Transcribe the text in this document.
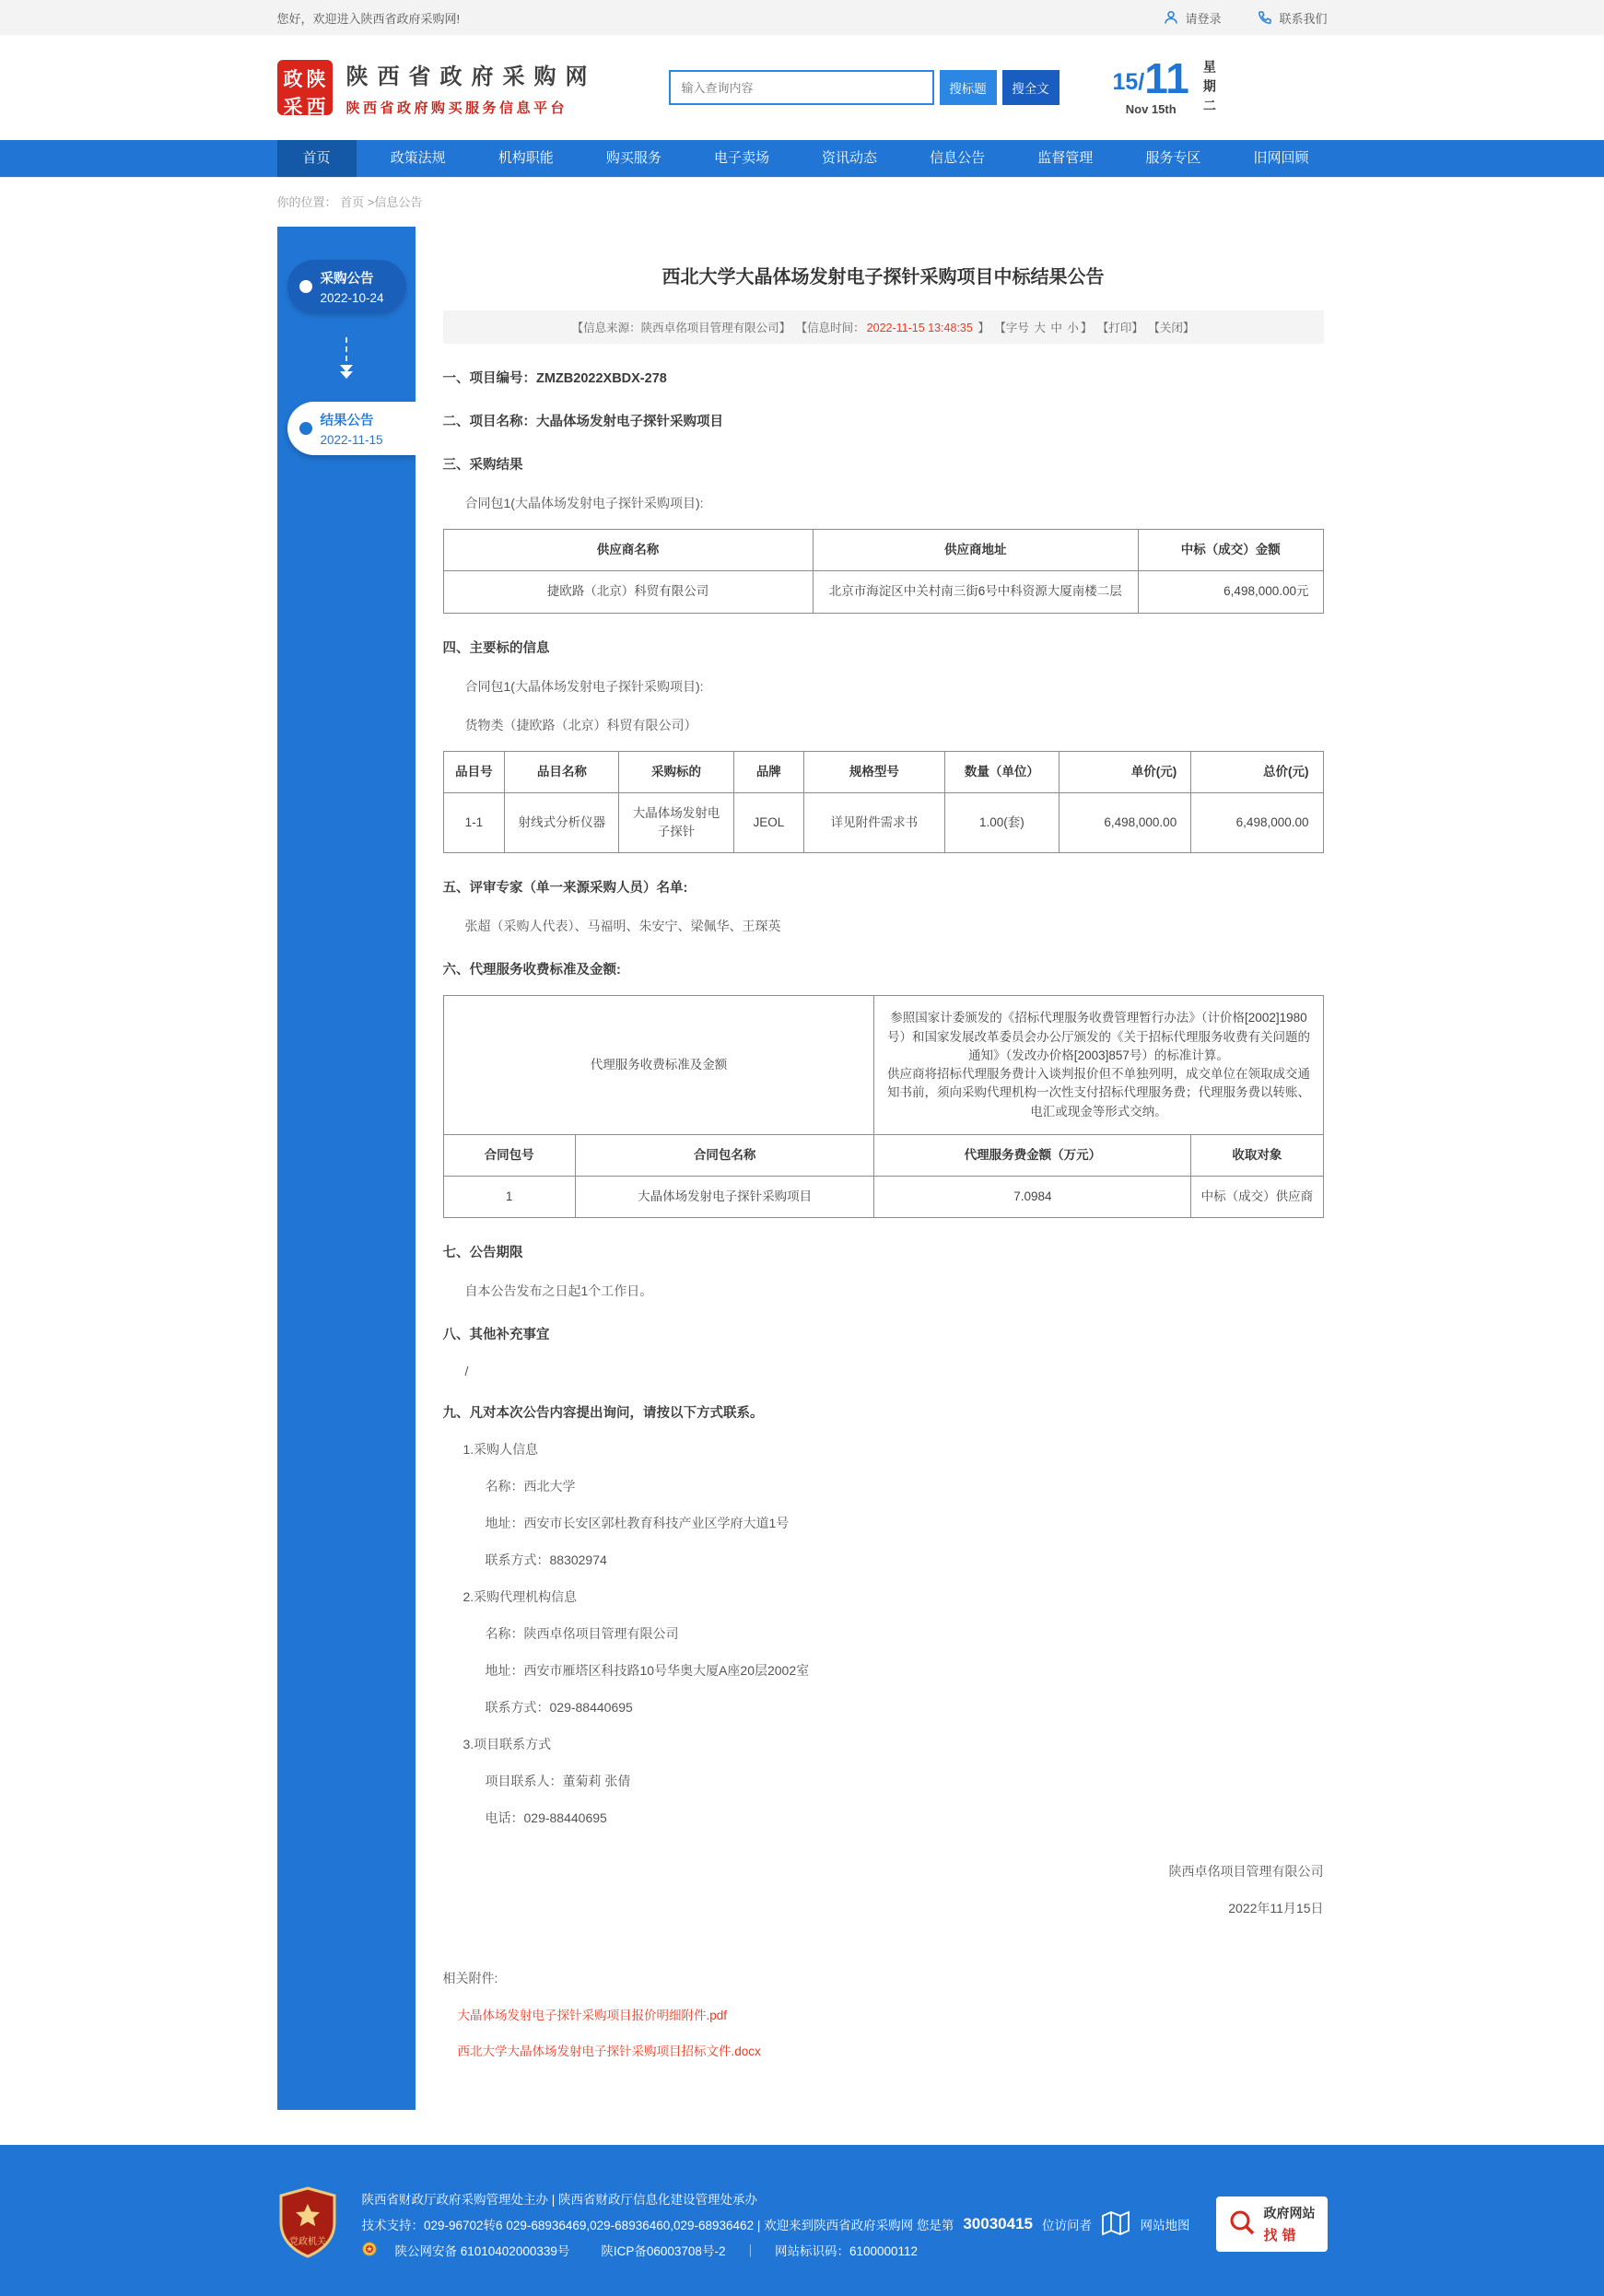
您好，欢迎进入陕西省政府采购网!	请登录	联系我们
政 陕
采 西
陕西省政府采购网
陕西省政府购买服务信息平台
输入查询内容
搜标题	搜全文	15/ 11
Nov 15th	星期二
首页	政策法规	机构职能	购买服务	电子卖场	资讯动态	信息公告	监督管理	服务专区	旧网回顾
你的位置： 首页 >信息公告
采购公告
2022-10-24
结果公告
2022-11-15
西北大学大晶体场发射电子探针采购项目中标结果公告
【信息来源：陕西卓佲项目管理有限公司】 【信息时间： 2022-11-15 13:48:35 】 【字号 大 中 小 】 【打印】 【关闭】
一、项目编号：ZMZB2022XBDX-278
二、项目名称：大晶体场发射电子探针采购项目
三、采购结果
合同包1(大晶体场发射电子探针采购项目):
供应商名称	供应商地址	中标（成交）金额
捷欧路（北京）科贸有限公司	北京市海淀区中关村南三街6号中科资源大厦南楼二层	6,498,000.00元
四、主要标的信息
合同包1(大晶体场发射电子探针采购项目):
货物类（捷欧路（北京）科贸有限公司）
品目号	品目名称	采购标的	品牌	规格型号	数量（单位）	单价(元)	总价(元)
1-1	射线式分析仪器	大晶体场发射电子探针	JEOL	详见附件需求书	1.00(套)	6,498,000.00	6,498,000.00
五、评审专家（单一来源采购人员）名单:
张超（采购人代表）、马福明、朱安宁、梁佩华、王琛英
六、代理服务收费标准及金额:
代理服务收费标准及金额		参照国家计委颁发的《招标代理服务收费管理暂行办法》（计价格[2002]1980号）和国家发展改革委员会办公厅颁发的《关于招标代理服务收费有关问题的通知》（发改办价格[2003]857号）的标准计算。
供应商将招标代理服务费计入谈判报价但不单独列明，成交单位在领取成交通知书前，须向采购代理机构一次性支付招标代理服务费；代理服务费以转账、电汇或现金等形式交纳。	

合同包号	合同包名称	代理服务费金额（万元）	收取对象
1	大晶体场发射电子探针采购项目	7.0984	中标（成交）供应商
七、公告期限
自本公告发布之日起1个工作日。
八、其他补充事宜
/
九、凡对本次公告内容提出询问，请按以下方式联系。
1.采购人信息
名称：西北大学
地址：西安市长安区郭杜教育科技产业区学府大道1号
联系方式：88302974
2.采购代理机构信息
名称：陕西卓佲项目管理有限公司
地址：西安市雁塔区科技路10号华奥大厦A座20层2002室
联系方式：029-88440695
3.项目联系方式
项目联系人：董菊莉 张倩
电话：029-88440695
陕西卓佲项目管理有限公司
2022年11月15日
相关附件:
大晶体场发射电子探针采购项目报价明细附件.pdf
西北大学大晶体场发射电子探针采购项目招标文件.docx
党政机关
陕西省财政厅政府采购管理处主办 | 陕西省财政厅信息化建设管理处承办
技术支持：029-96702转6 029-68936469,029-68936460,029-68936462 | 欢迎来到陕西省政府采购网 您是第 30030415 位访问者
陕公网安备 61010402000339号	陕ICP备06003708号-2 ｜ 网站标识码：6100000112
网站地图
政府网站
找错
